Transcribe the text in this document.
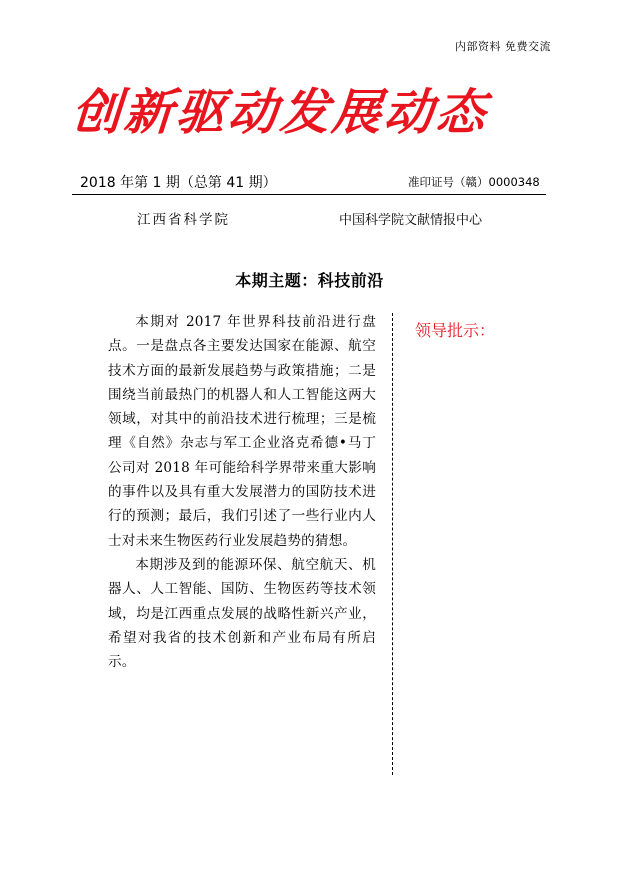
内部资料 免费交流
创新驱动发展动态
2018 年第 1 期（总第 41 期）	准印证号（赣）0000348
江西省科学院	中国科学院文献情报中心
本期主题：科技前沿

本期对 2017 年世界科技前沿进行盘点。一是盘点各主要发达国家在能源、航空技术方面的最新发展趋势与政策措施；二是围绕当前最热门的机器人和人工智能这两大领域，对其中的前沿技术进行梳理；三是梳理《自然》杂志与军工企业洛克希德•马丁公司对 2018 年可能给科学界带来重大影响的事件以及具有重大发展潜力的国防技术进行的预测；最后，我们引述了一些行业内人士对未来生物医药行业发展趋势的猜想。

本期涉及到的能源环保、航空航天、机器人、人工智能、国防、生物医药等技术领域，均是江西重点发展的战略性新兴产业，希望对我省的技术创新和产业布局有所启示。

领导批示：
